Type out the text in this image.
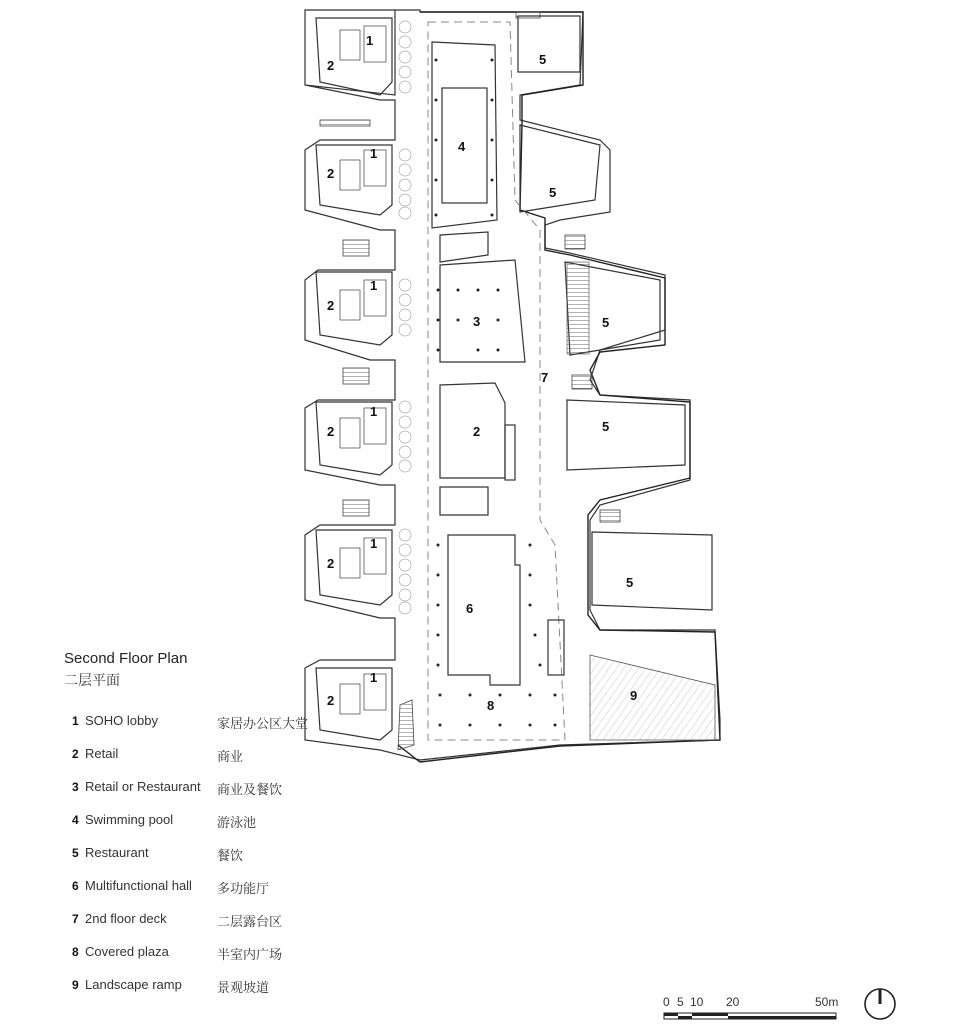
1
1
1
1
1
1
2
2
2
2
2
2
2
3
4
5
5
5
5
5
6
7
8
9
Second Floor Plan
二层平面
1 SOHO lobby	家居办公区大堂
2 Retail	商业
3 Retail or Restaurant	商业及餐饮
4 Swimming pool	游泳池
5 Restaurant	餐饮
6 Multifunctional hall	多功能厅
7 2nd floor deck	二层露台区
8 Covered plaza	半室内广场
9 Landscape ramp	景观坡道
0 5 10 20	50m
